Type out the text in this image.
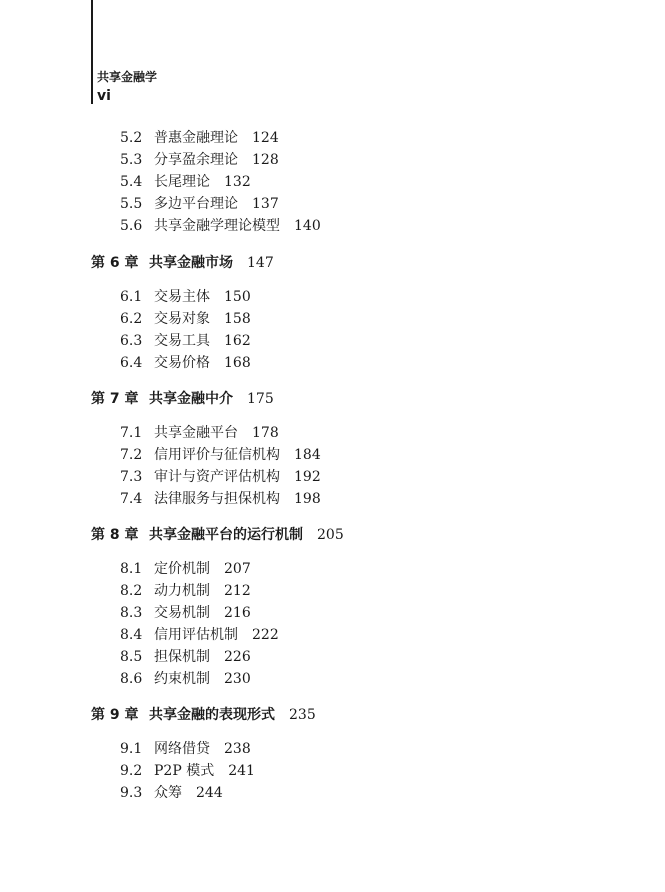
共享金融学
vi
5.2 普惠金融理论 124
5.3 分享盈余理论 128
5.4 长尾理论 132
5.5 多边平台理论 137
5.6 共享金融学理论模型 140
第 6 章 共享金融市场 147
6.1 交易主体 150
6.2 交易对象 158
6.3 交易工具 162
6.4 交易价格 168
第 7 章 共享金融中介 175
7.1 共享金融平台 178
7.2 信用评价与征信机构 184
7.3 审计与资产评估机构 192
7.4 法律服务与担保机构 198
第 8 章 共享金融平台的运行机制 205
8.1 定价机制 207
8.2 动力机制 212
8.3 交易机制 216
8.4 信用评估机制 222
8.5 担保机制 226
8.6 约束机制 230
第 9 章 共享金融的表现形式 235
9.1 网络借贷 238
9.2 P2P 模式 241
9.3 众筹 244
